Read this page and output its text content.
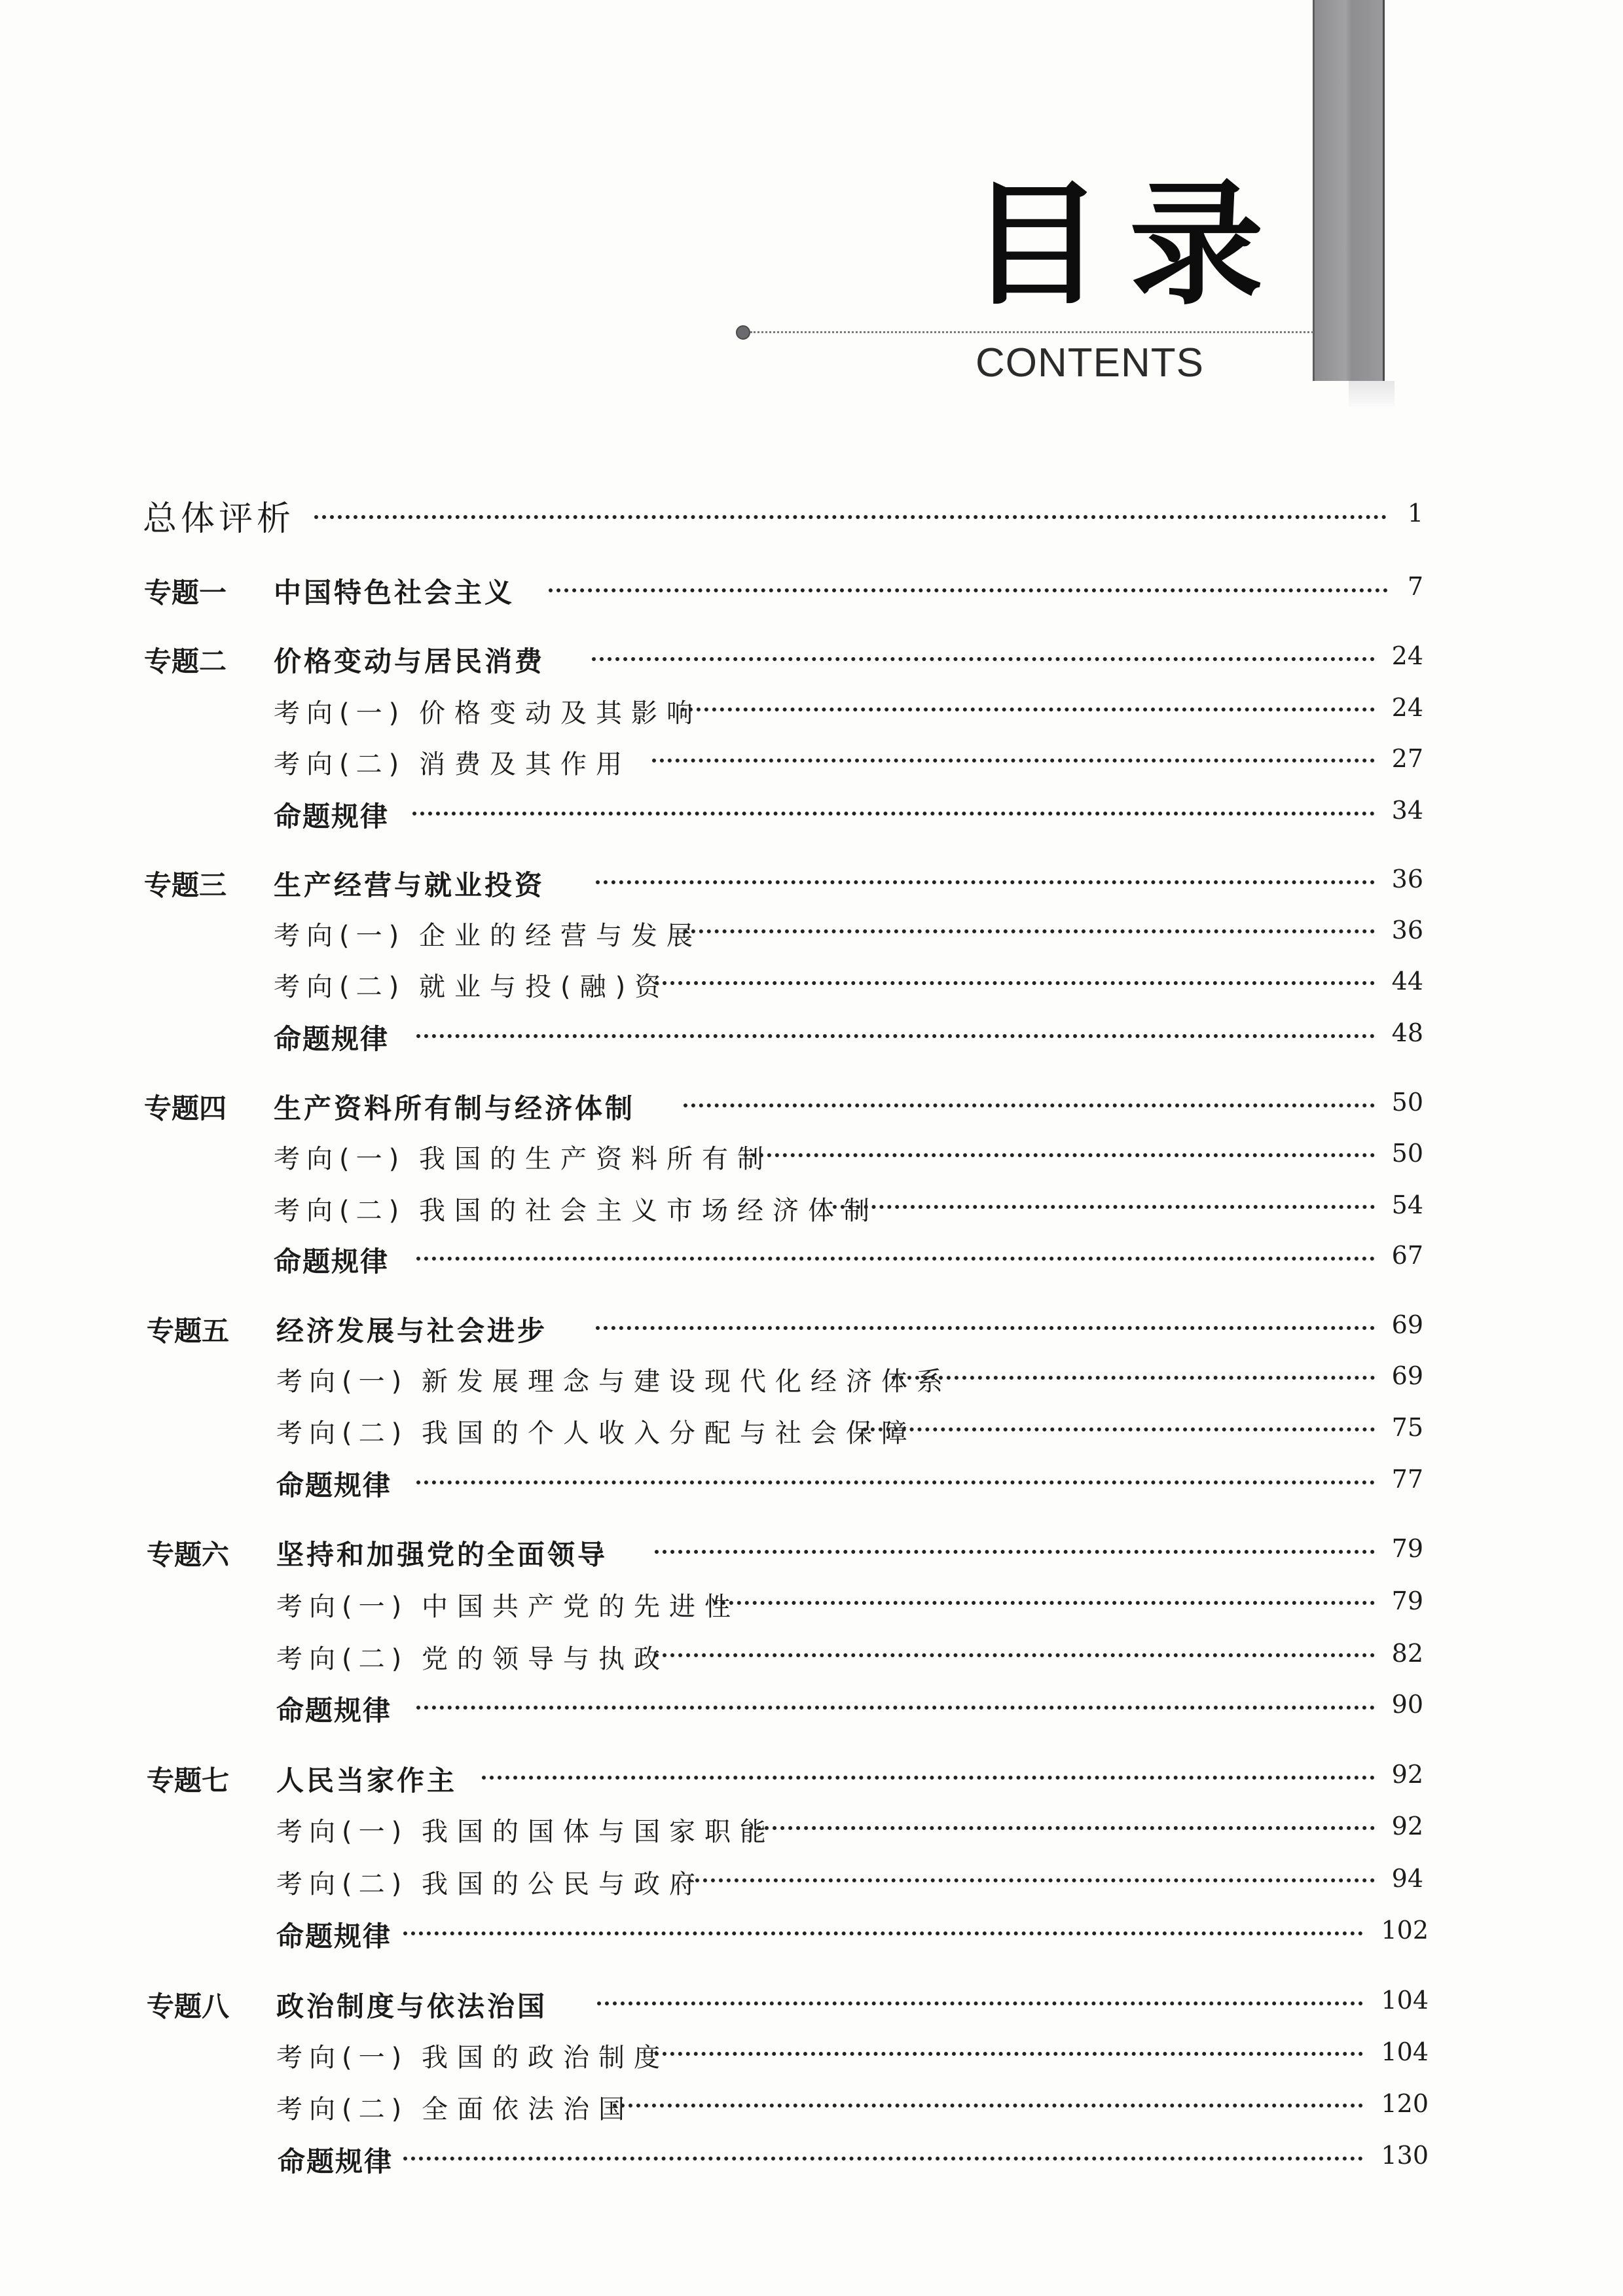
目录
CONTENTS
总体评析	1
专题一 中国特色社会主义	7
专题二 价格变动与居民消费	24
考向(一) 价格变动及其影响	24
考向(二) 消费及其作用	27
命题规律	34
专题三 生产经营与就业投资	36
考向(一) 企业的经营与发展	36
考向(二) 就业与投(融)资	44
命题规律	48
专题四 生产资料所有制与经济体制	50
考向(一) 我国的生产资料所有制	50
考向(二) 我国的社会主义市场经济体制	54
命题规律	67
专题五 经济发展与社会进步	69
考向(一) 新发展理念与建设现代化经济体系	69
考向(二) 我国的个人收入分配与社会保障	75
命题规律	77
专题六 坚持和加强党的全面领导	79
考向(一) 中国共产党的先进性	79
考向(二) 党的领导与执政	82
命题规律	90
专题七 人民当家作主	92
考向(一) 我国的国体与国家职能	92
考向(二) 我国的公民与政府	94
命题规律	102
专题八 政治制度与依法治国	104
考向(一) 我国的政治制度	104
考向(二) 全面依法治国	120
命题规律	130
